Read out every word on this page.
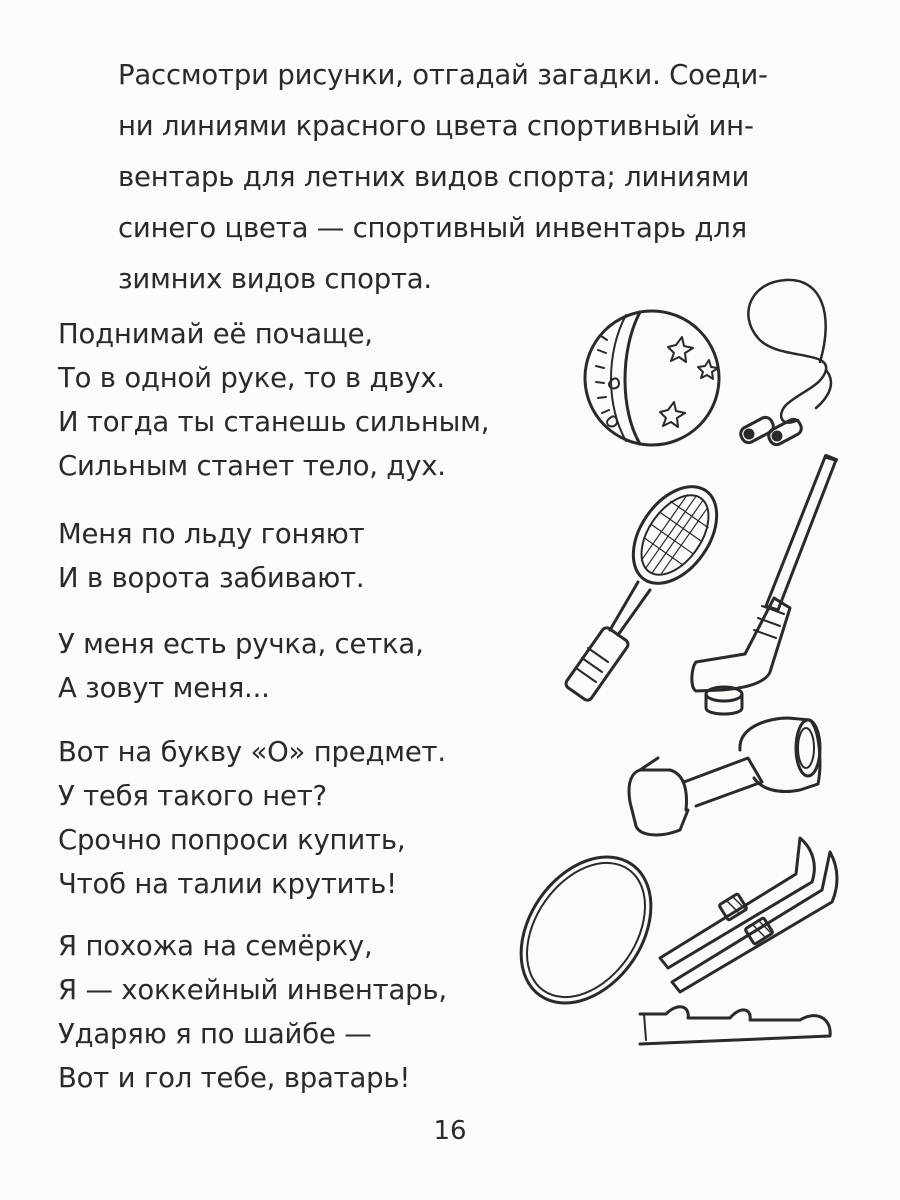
Рассмотри рисунки, отгадай загадки. Соеди-
ни линиями красного цвета спортивный ин-
вентарь для летних видов спорта; линиями
синего цвета — спортивный инвентарь для
зимних видов спорта.
Поднимай её почаще,
То в одной руке, то в двух.
И тогда ты станешь сильным,
Сильным станет тело, дух.
Меня по льду гоняют
И в ворота забивают.
У меня есть ручка, сетка,
А зовут меня...
Вот на букву «О» предмет.
У тебя такого нет?
Срочно попроси купить,
Чтоб на талии крутить!
Я похожа на семёрку,
Я — хоккейный инвентарь,
Ударяю я по шайбе —
Вот и гол тебе, вратарь!
16
